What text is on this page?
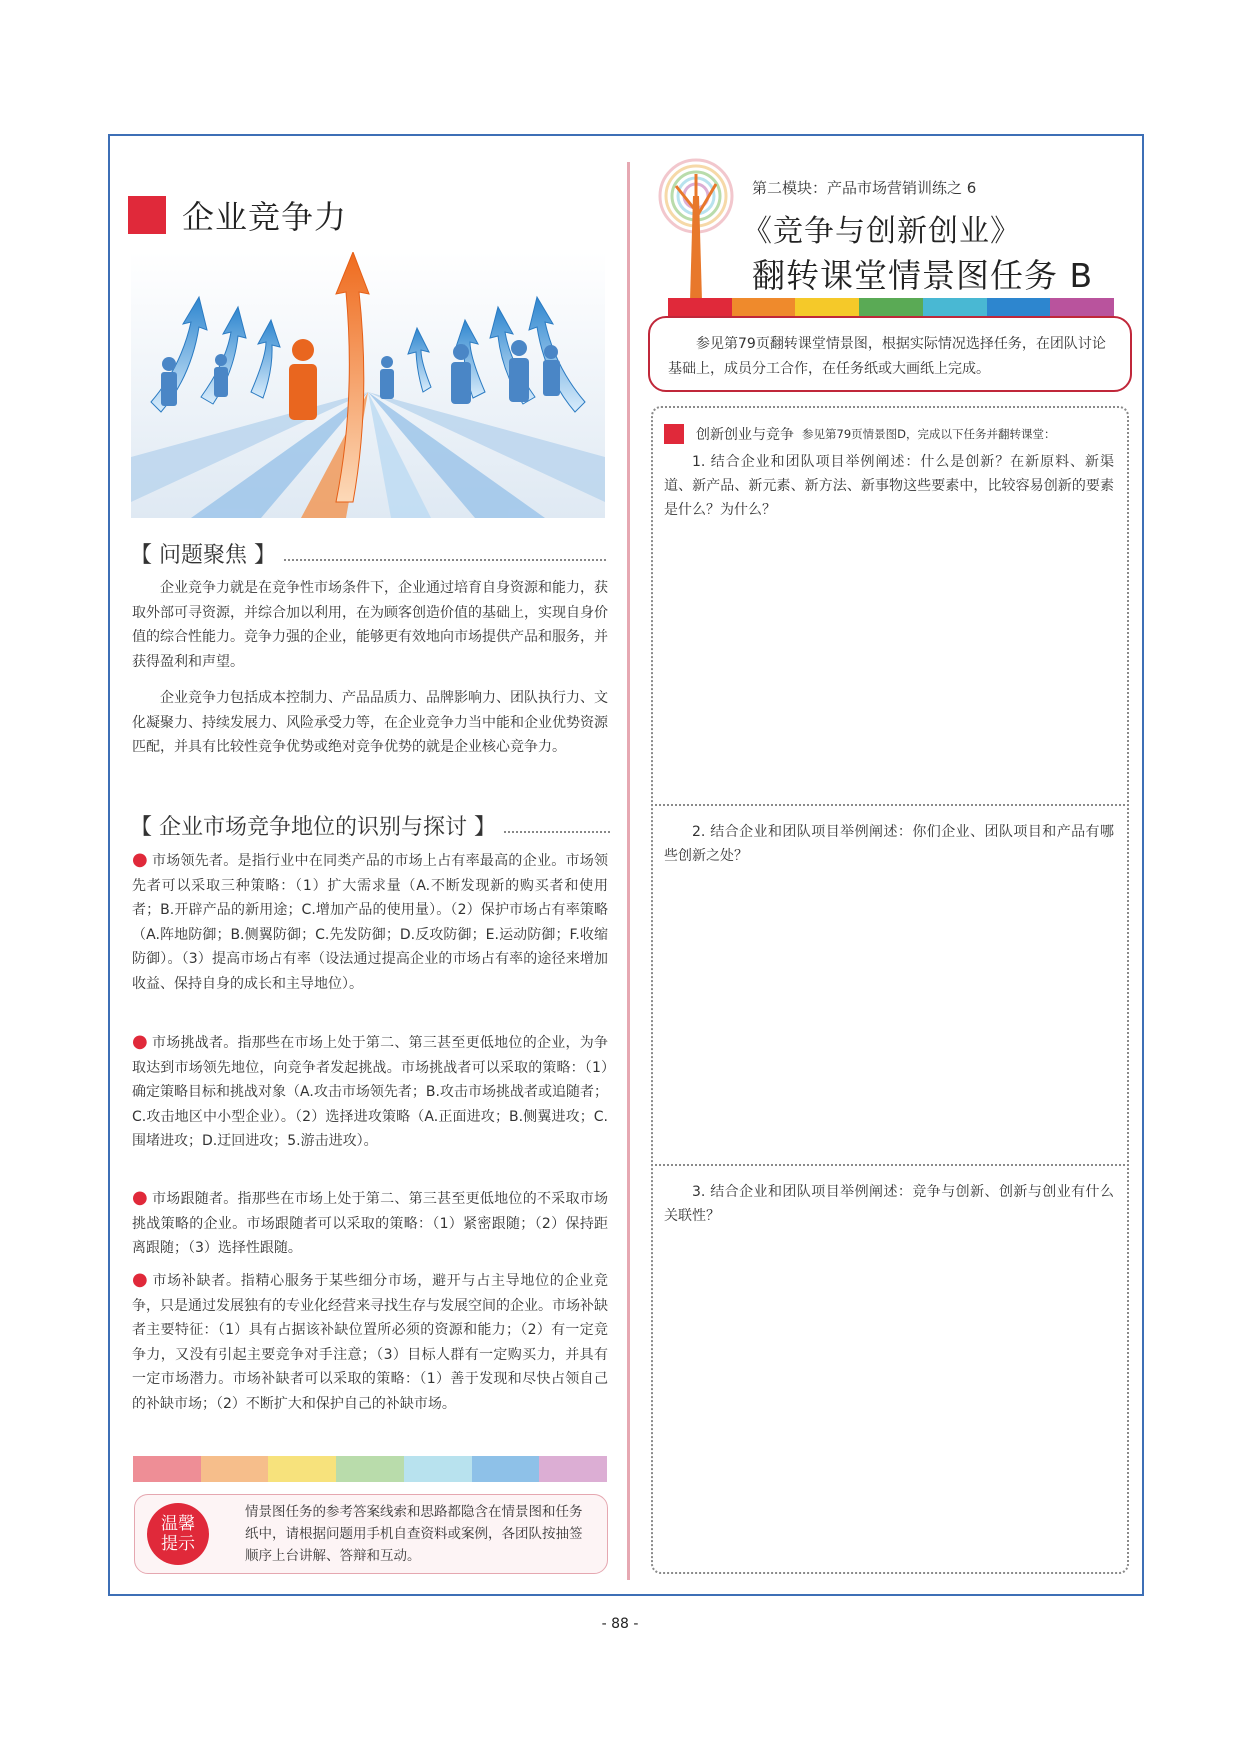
企业竞争力
【 问题聚焦 】
企业竞争力就是在竞争性市场条件下，企业通过培育自身资源和能力，获取外部可寻资源，并综合加以利用，在为顾客创造价值的基础上，实现自身价值的综合性能力。竞争力强的企业，能够更有效地向市场提供产品和服务，并获得盈利和声望。
企业竞争力包括成本控制力、产品品质力、品牌影响力、团队执行力、文化凝聚力、持续发展力、风险承受力等，在企业竞争力当中能和企业优势资源匹配，并具有比较性竞争优势或绝对竞争优势的就是企业核心竞争力。
【 企业市场竞争地位的识别与探讨 】
● 市场领先者。是指行业中在同类产品的市场上占有率最高的企业。市场领先者可以采取三种策略：（1）扩大需求量（A.不断发现新的购买者和使用者；B.开辟产品的新用途；C.增加产品的使用量）。（2）保护市场占有率策略（A.阵地防御；B.侧翼防御；C.先发防御；D.反攻防御；E.运动防御；F.收缩防御）。（3）提高市场占有率（设法通过提高企业的市场占有率的途径来增加收益、保持自身的成长和主导地位）。
● 市场挑战者。指那些在市场上处于第二、第三甚至更低地位的企业，为争取达到市场领先地位，向竞争者发起挑战。市场挑战者可以采取的策略：（1）确定策略目标和挑战对象（A.攻击市场领先者；B.攻击市场挑战者或追随者；C.攻击地区中小型企业）。（2）选择进攻策略（A.正面进攻；B.侧翼进攻；C.围堵进攻；D.迂回进攻；5.游击进攻）。
● 市场跟随者。指那些在市场上处于第二、第三甚至更低地位的不采取市场挑战策略的企业。市场跟随者可以采取的策略：（1）紧密跟随；（2）保持距离跟随；（3）选择性跟随。
● 市场补缺者。指精心服务于某些细分市场，避开与占主导地位的企业竞争，只是通过发展独有的专业化经营来寻找生存与发展空间的企业。市场补缺者主要特征：（1）具有占据该补缺位置所必须的资源和能力；（2）有一定竞争力，又没有引起主要竞争对手注意；（3）目标人群有一定购买力，并具有一定市场潜力。市场补缺者可以采取的策略：（1）善于发现和尽快占领自己的补缺市场；（2）不断扩大和保护自己的补缺市场。
温馨
提示
情景图任务的参考答案线索和思路都隐含在情景图和任务纸中，请根据问题用手机自查资料或案例，各团队按抽签顺序上台讲解、答辩和互动。
第二模块：产品市场营销训练之 6
《竞争与创新创业》
翻转课堂情景图任务 B
参见第79页翻转课堂情景图，根据实际情况选择任务，在团队讨论基础上，成员分工合作，在任务纸或大画纸上完成。
创新创业与竞争 参见第79页情景图D，完成以下任务并翻转课堂：
1. 结合企业和团队项目举例阐述：什么是创新？在新原料、新渠道、新产品、新元素、新方法、新事物这些要素中，比较容易创新的要素是什么？为什么？
2. 结合企业和团队项目举例阐述：你们企业、团队项目和产品有哪些创新之处？
3. 结合企业和团队项目举例阐述：竞争与创新、创新与创业有什么关联性？
- 88 -
